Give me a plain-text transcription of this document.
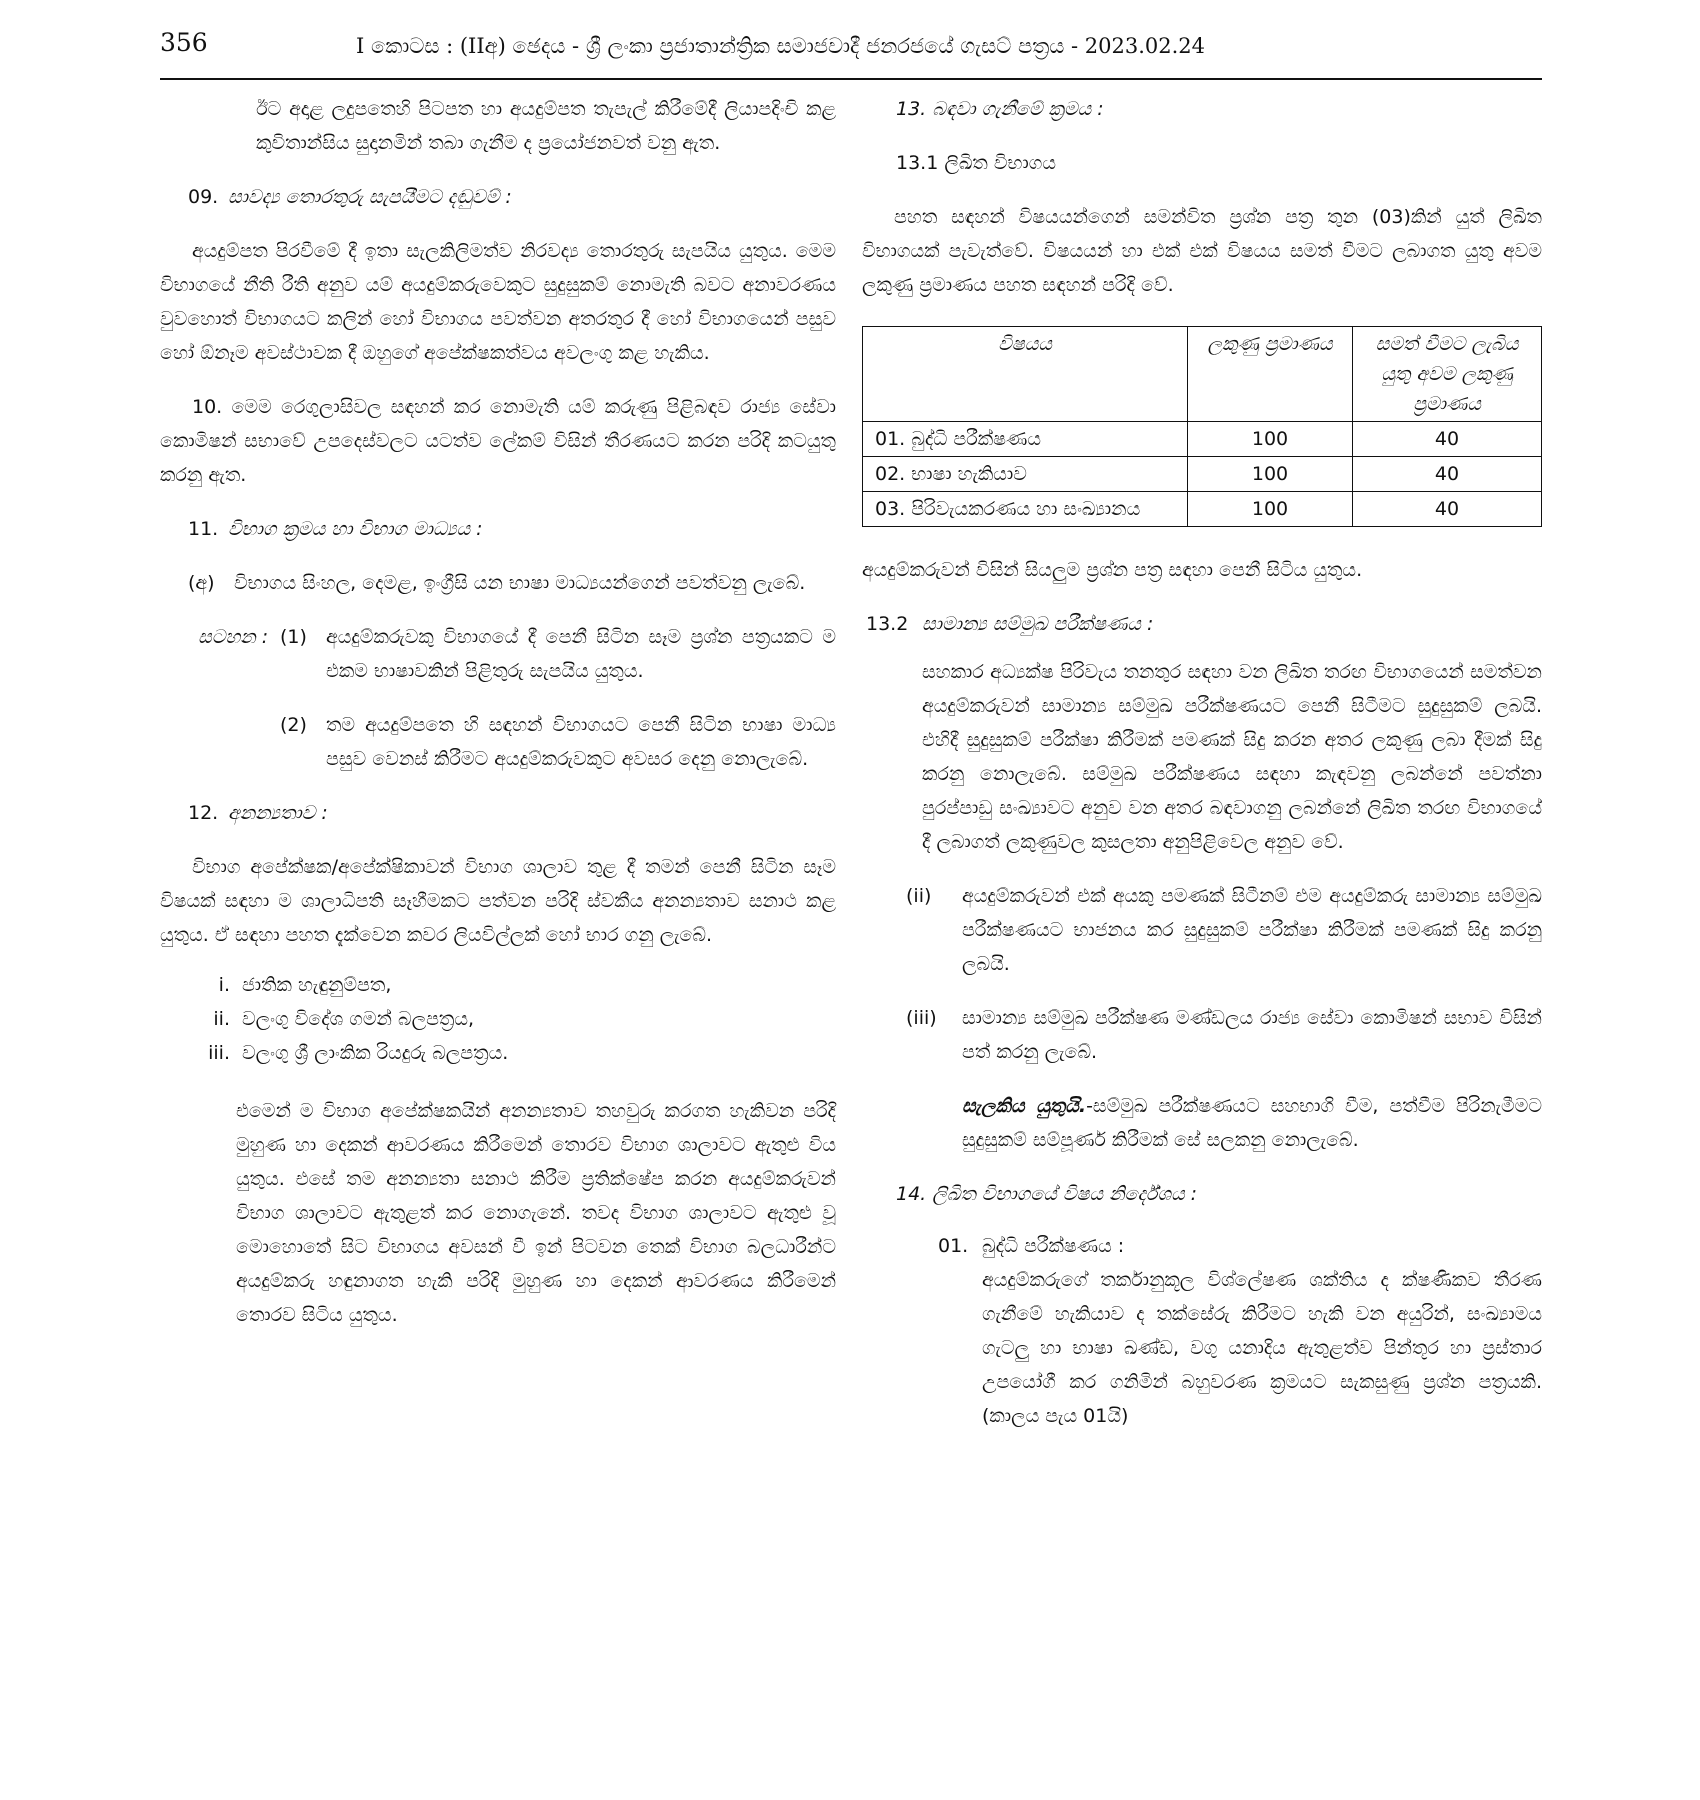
356	I කොටස : (IIඅ) ඡෙදය - ශ්‍රී ලංකා ප්‍රජාතාන්ත්‍රික සමාජවාදී ජනරජයේ ගැසට් පත්‍රය - 2023.02.24

ඊට අදාළ ලදුපතෙහි පිටපත හා අයදුම්පත තැපැල් කිරීමේදී ලියාපදිංචි කළ කුවිතාන්සිය සුදානමින් තබා ගැනීම ද ප්‍රයෝජනවත් වනු ඇත.

09. සාවද්‍ය තොරතුරු සැපයීමට දඬුවම් :

අයදුම්පත පිරවීමේ දී ඉතා සැලකිලිමත්ව නිරවද්‍ය තොරතුරු සැපයිය යුතුය. මෙම විභාගයේ නීති රීති අනුව යම් අයදුම්කරුවෙකුට සුදුසුකම් නොමැති බවට අනාවරණය වුවහොත් විභාගයට කලින් හෝ විභාගය පවත්වන අතරතුර දී හෝ විභාගයෙන් පසුව හෝ ඕනෑම අවස්ථාවක දී ඔහුගේ අපේක්ෂකත්වය අවලංගු කළ හැකිය.

10. මෙම රෙගුලාසිවල සඳහන් කර නොමැති යම් කරුණු පිළිබඳව රාජ්‍ය සේවා කොමිෂන් සභාවේ උපදෙස්වලට යටත්ව ලේකම් විසින් තීරණයට කරන පරිදි කටයුතු කරනු ඇත.

11. විභාග ක්‍රමය හා විභාග මාධ්‍යය :
(අ)	විභාගය සිංහල, දෙමළ, ඉංග්‍රීසි යන භාෂා මාධ්‍යයන්ගෙන් පවත්වනු ලැබේ.

සටහන : (1)	අයදුම්කරුවකු විභාගයේ දී පෙනී සිටින සෑම ප්‍රශ්න පත්‍රයකට ම එකම භාෂාවකින් පිළිතුරු සැපයිය යුතුය.

(2)	තම අයදුම්පතෙ හි සඳහන් විභාගයට පෙනී සිටින භාෂා මාධ්‍ය පසුව වෙනස් කිරීමට අයදුම්කරුවකුට අවසර දෙනු නොලැබේ.

12. අනන්‍යතාව :

විභාග අපේක්ෂක/අපේක්ෂිකාවන් විභාග ශාලාව තුළ දී තමන් පෙනී සිටින සෑම විෂයක් සඳහා ම ශාලාධිපති සෑහීමකට පත්වන පරිදි ස්වකීය අනන්‍යතාව සනාථ කළ යුතුය. ඒ සඳහා පහත දැක්වෙන කවර ලියවිල්ලක් හෝ භාර ගනු ලැබේ.

i. ජාතික හැඳුනුම්පත,
ii. වලංගු විදේශ ගමන් බලපත්‍රය,
iii. වලංගු ශ්‍රී ලාංකික රියදුරු බලපත්‍රය.

එමෙන් ම විභාග අපේක්ෂකයින් අනන්‍යතාව තහවුරු කරගත හැකිවන පරිදි මුහුණ හා දෙකන් ආවරණය කිරීමෙන් තොරව විභාග ශාලාවට ඇතුළු විය යුතුය. එසේ තම අනන්‍යතා සනාථ කිරීම ප්‍රතික්ෂේප කරන අයදුම්කරුවන් විභාග ශාලාවට ඇතුළත් කර නොගැනේ. තවද විභාග ශාලාවට ඇතුළු වූ මොහොතේ සිට විභාගය අවසන් වී ඉන් පිටවන තෙක් විභාග බලධාරීන්ට අයදුම්කරු හඳුනාගත හැකි පරිදි මුහුණ හා දෙකන් ආවරණය කිරීමෙන් තොරව සිටිය යුතුය.

13. බඳවා ගැනීමේ ක්‍රමය :

13.1 ලිඛිත විභාගය

පහත සඳහන් විෂයයන්ගෙන් සමන්විත ප්‍රශ්න පත්‍ර තුන (03)කින් යුත් ලිඛිත විභාගයක් පැවැත්වේ. විෂයයන් හා එක් එක් විෂයය සමත් වීමට ලබාගත යුතු අවම ලකුණු ප්‍රමාණය පහත සඳහන් පරිදි වේ.

විෂයය	ලකුණු ප්‍රමාණය	සමත් වීමට ලැබිය යුතු අවම ලකුණු ප්‍රමාණය
01. බුද්ධි පරීක්ෂණය	100	40
02. භාෂා හැකියාව	100	40
03. පිරිවැයකරණය හා සංඛ්‍යානය	100	40

අයදුම්කරුවන් විසින් සියලුම ප්‍රශ්න පත්‍ර සඳහා පෙනී සිටිය යුතුය.

13.2 සාමාන්‍ය සම්මුඛ පරීක්ෂණය :

සහකාර අධ්‍යක්ෂ පිරිවැය තනතුර සඳහා වන ලිඛිත තරඟ විභාගයෙන් සමත්වන අයදුම්කරුවන් සාමාන්‍ය සම්මුඛ පරීක්ෂණයට පෙනී සිටීමට සුදුසුකම් ලබයි. එහිදී සුදුසුකම් පරීක්ෂා කිරීමක් පමණක් සිදු කරන අතර ලකුණු ලබා දීමක් සිදු කරනු නොලැබේ. සම්මුඛ පරීක්ෂණය සඳහා කැඳවනු ලබන්නේ පවත්නා පුරප්පාඩු සංඛ්‍යාවට අනුව වන අතර බඳවාගනු ලබන්නේ ලිඛිත තරඟ විභාගයේ දී ලබාගත් ලකුණුවල කුසලතා අනුපිළිවෙල අනුව වේ.

(ii)	අයදුම්කරුවන් එක් අයකු පමණක් සිටීනම් එම අයදුම්කරු සාමාන්‍ය සම්මුඛ පරීක්ෂණයට භාජනය කර සුදුසුකම් පරීක්ෂා කිරීමක් පමණක් සිදු කරනු ලබයි.

(iii)	සාමාන්‍ය සම්මුඛ පරීක්ෂණ මණ්ඩලය රාජ්‍ය සේවා කොමිෂන් සභාව විසින් පත් කරනු ලැබේ.

සැලකිය යුතුයි.-සම්මුඛ පරීක්ෂණයට සහභාගි වීම, පත්වීම පිරිනැමීමට සුදුසුකම් සම්පූර්ණ කිරීමක් සේ සලකනු නොලැබේ.

14. ලිඛිත විභාගයේ විෂය නිර්දේශය :

01. බුද්ධි පරීක්ෂණය :

අයදුම්කරුගේ තර්කානුකූල විශ්ලේෂණ ශක්තිය ද ක්ෂණිකව තීරණ ගැනීමේ හැකියාව ද තක්සේරු කිරීමට හැකි වන අයුරින්, සංඛ්‍යාමය ගැටලු හා භාෂා ඛණ්ඩ, වගු යනාදිය ඇතුළත්ව පින්තූර හා ප්‍රස්තාර උපයෝගී කර ගනිමින් බහුවරණ ක්‍රමයට සැකසුණු ප්‍රශ්න පත්‍රයකි. (කාලය පැය 01යි)
